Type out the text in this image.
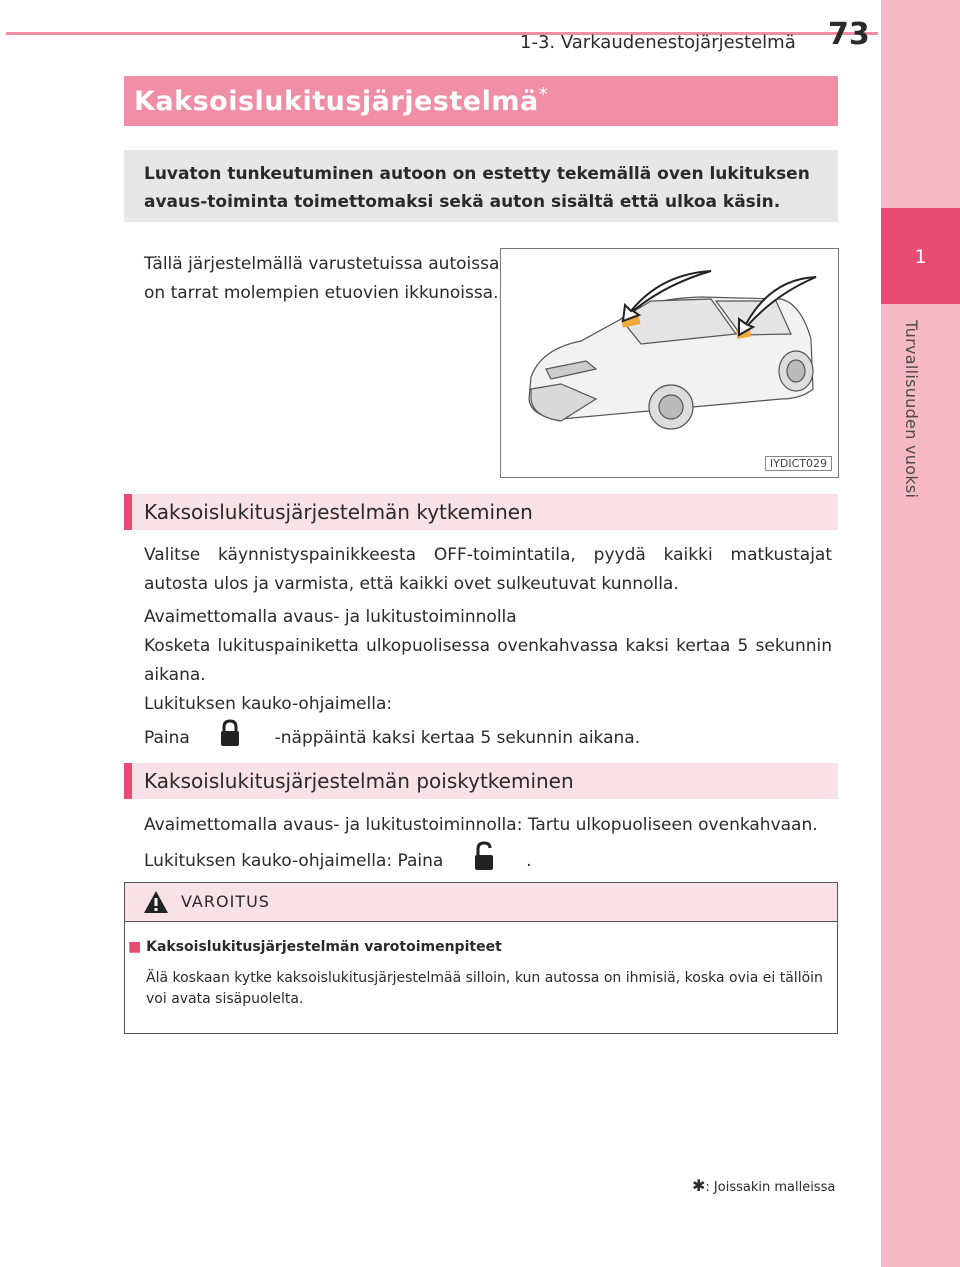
1
Turvallisuuden vuoksi
1-3. Varkaudenestojärjestelmä 73
Kaksoislukitusjärjestelmä*
Luvaton tunkeutuminen autoon on estetty tekemällä oven lukituksen avaus-toiminta toimettomaksi sekä auton sisältä että ulkoa käsin.
Tällä järjestelmällä varustetuissa autoissa
on tarrat molempien etuovien ikkunoissa.
IYDICT029
Kaksoislukitusjärjestelmän kytkeminen
Valitse käynnistyspainikkeesta OFF-toimintatila, pyydä kaikki matkustajat autosta ulos ja varmista, että kaikki ovet sulkeutuvat kunnolla.
Avaimettomalla avaus- ja lukitustoiminnolla
Kosketa lukituspainiketta ulkopuolisessa ovenkahvassa kaksi kertaa 5 sekunnin aikana.
Lukituksen kauko-ohjaimella:
Paina	-näppäintä kaksi kertaa 5 sekunnin aikana.
Kaksoislukitusjärjestelmän poiskytkeminen
Avaimettomalla avaus- ja lukitustoiminnolla: Tartu ulkopuoliseen ovenkahvaan.
Lukituksen kauko-ohjaimella: Paina	.
VAROITUS
■ Kaksoislukitusjärjestelmän varotoimenpiteet
Älä koskaan kytke kaksoislukitusjärjestelmää silloin, kun autossa on ihmisiä, koska ovia ei tällöin voi avata sisäpuolelta.
✱: Joissakin malleissa
